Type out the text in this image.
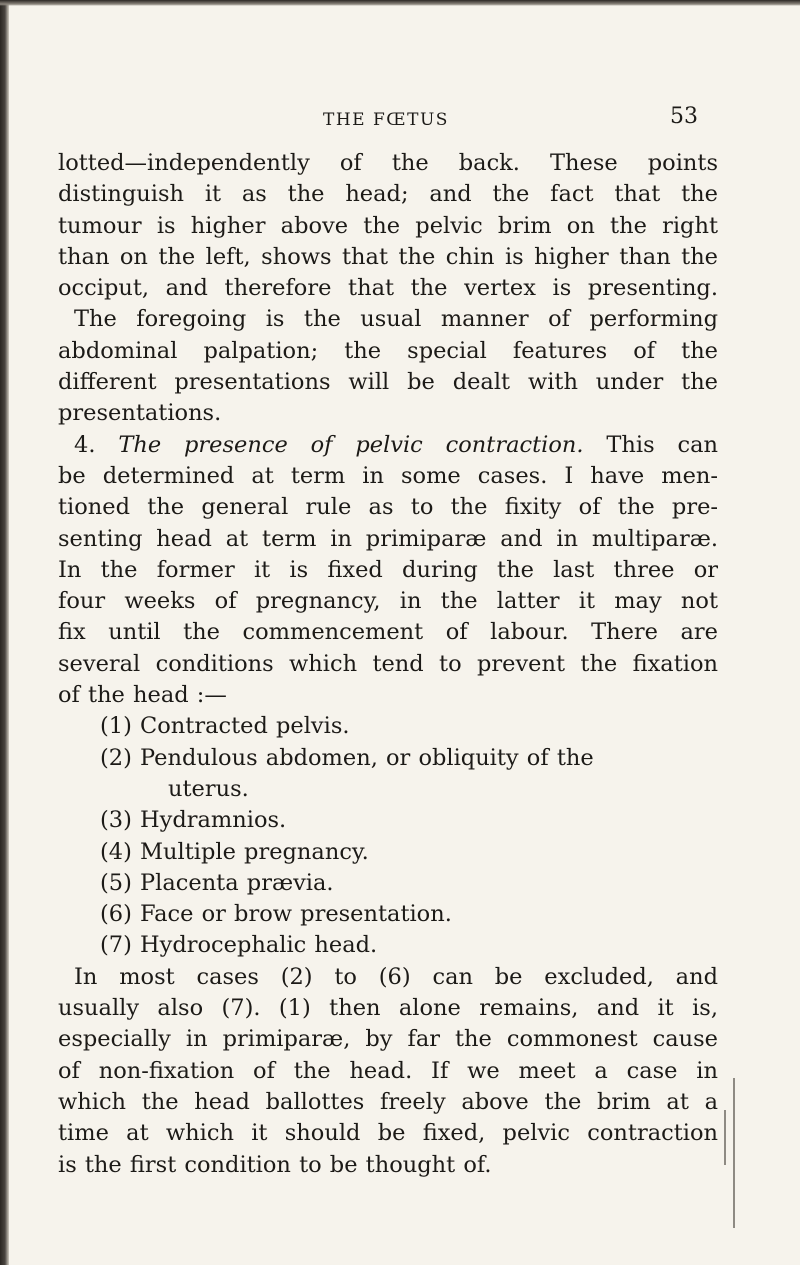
THE FŒTUS	53
lotted—independently of the back. These points
distinguish it as the head; and the fact that the
tumour is higher above the pelvic brim on the right
than on the left, shows that the chin is higher than the
occiput, and therefore that the vertex is presenting.
The foregoing is the usual manner of performing
abdominal palpation; the special features of the
different presentations will be dealt with under the
presentations.
4. The presence of pelvic contraction. This can
be determined at term in some cases. I have men-
tioned the general rule as to the fixity of the pre-
senting head at term in primiparæ and in multiparæ.
In the former it is fixed during the last three or
four weeks of pregnancy, in the latter it may not
fix until the commencement of labour. There are
several conditions which tend to prevent the fixation
of the head :—
(1) Contracted pelvis.
(2) Pendulous abdomen, or obliquity of the
uterus.
(3) Hydramnios.
(4) Multiple pregnancy.
(5) Placenta prævia.
(6) Face or brow presentation.
(7) Hydrocephalic head.
In most cases (2) to (6) can be excluded, and
usually also (7). (1) then alone remains, and it is,
especially in primiparæ, by far the commonest cause
of non-fixation of the head. If we meet a case in
which the head ballottes freely above the brim at a
time at which it should be fixed, pelvic contraction
is the first condition to be thought of.
